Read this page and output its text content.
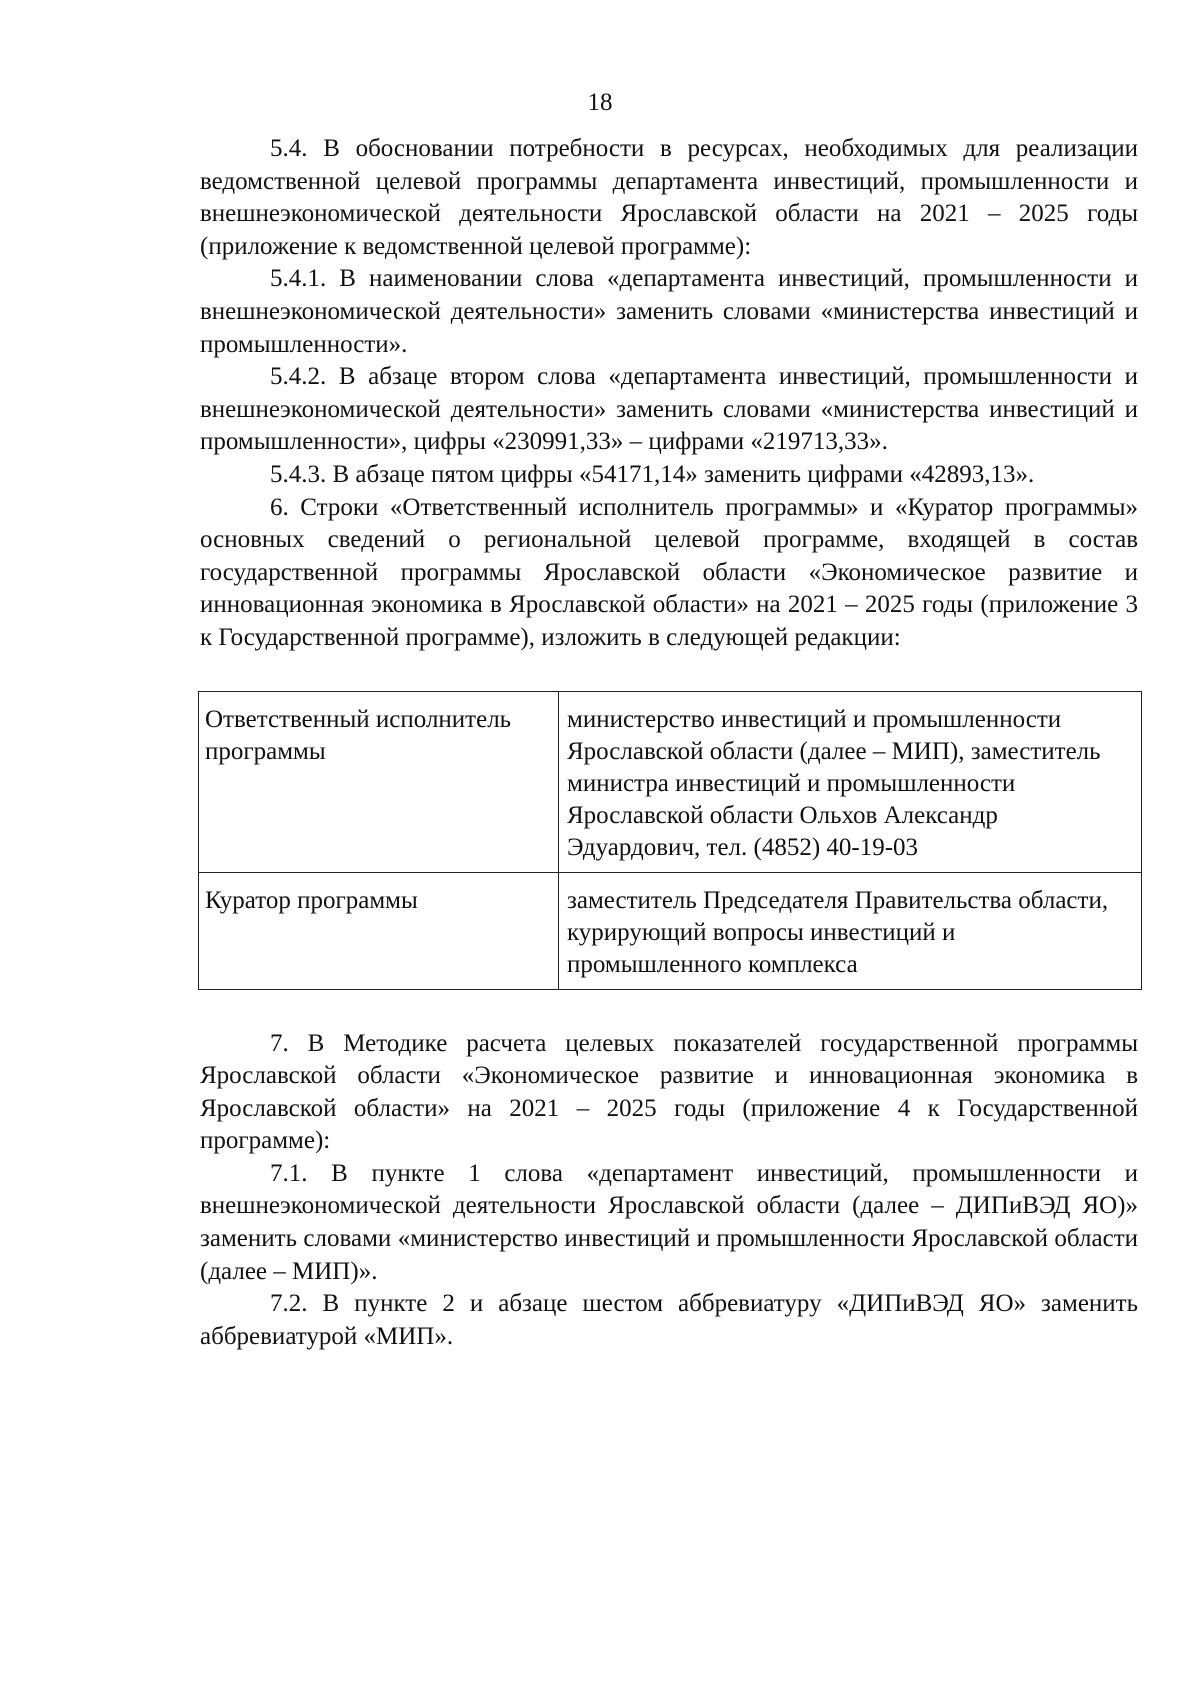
18

5.4. В обосновании потребности в ресурсах, необходимых для реализации ведомственной целевой программы департамента инвестиций, промышленности и внешнеэкономической деятельности Ярославской области на 2021 – 2025 годы (приложение к ведомственной целевой программе):

5.4.1. В наименовании слова «департамента инвестиций, промышленности и внешнеэкономической деятельности» заменить словами «министерства инвестиций и промышленности».

5.4.2. В абзаце втором слова «департамента инвестиций, промышленности и внешнеэкономической деятельности» заменить словами «министерства инвестиций и промышленности», цифры «230991,33» – цифрами «219713,33».

5.4.3. В абзаце пятом цифры «54171,14» заменить цифрами «42893,13».

6. Строки «Ответственный исполнитель программы» и «Куратор программы» основных сведений о региональной целевой программе, входящей в состав государственной программы Ярославской области «Экономическое развитие и инновационная экономика в Ярославской области» на 2021 – 2025 годы (приложение 3 к Государственной программе), изложить в следующей редакции:

Ответственный исполнитель программы	министерство инвестиций и промышленности Ярославской области (далее – МИП), заместитель министра инвестиций и промышленности Ярославской области Ольхов Александр Эдуардович, тел. (4852) 40-19-03
Куратор программы	заместитель Председателя Правительства области, курирующий вопросы инвестиций и промышленного комплекса

7. В Методике расчета целевых показателей государственной программы Ярославской области «Экономическое развитие и инновационная экономика в Ярославской области» на 2021 – 2025 годы (приложение 4 к Государственной программе):

7.1. В пункте 1 слова «департамент инвестиций, промышленности и внешнеэкономической деятельности Ярославской области (далее – ДИПиВЭД ЯО)» заменить словами «министерство инвестиций и промышленности Ярославской области (далее – МИП)».

7.2. В пункте 2 и абзаце шестом аббревиатуру «ДИПиВЭД ЯО» заменить аббревиатурой «МИП».
